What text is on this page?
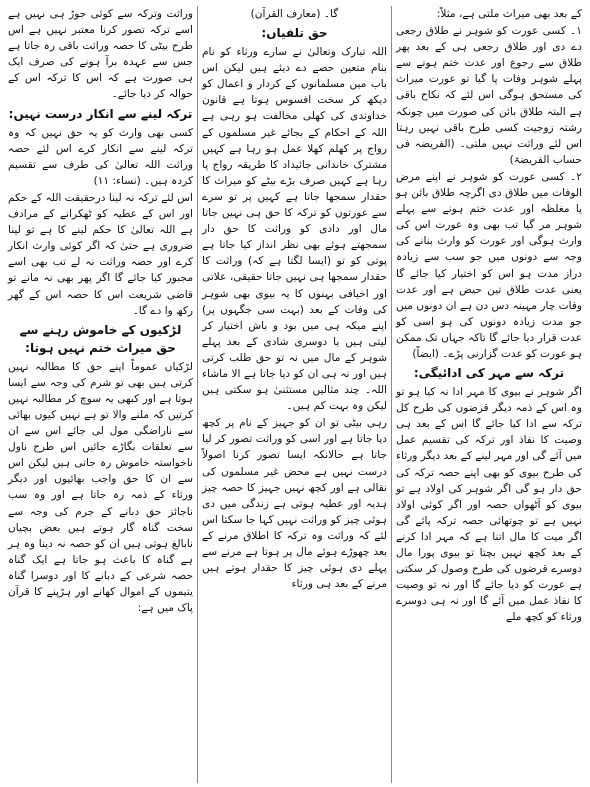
کے بعد بھی میراث ملتی ہے، مثلاً:

۱۔ کسی عورت کو شوہر نے طلاق رجعی دے دی اور طلاق رجعی ہی کے بعد پھر طلاق سے رجوع اور عدت ختم ہونے سے پہلے شوہر وفات پا گیا تو عورت میراث کی مستحق ہوگی اس لئے کہ نکاح باقی ہے البتہ طلاق بائن کی صورت میں چونکہ رشتہ زوجیت کسی طرح باقی نہیں رہتا اس لئے وراثت نہیں ملتی۔ (الفریضہ فی حساب الفریضۃ)

۲۔ کسی عورت کو شوہر نے اپنے مرض الوفات میں طلاق دی اگرچہ طلاق بائن ہو یا مغلظہ اور عدت ختم ہونے سے پہلے شوہر مر گیا تب بھی وہ عورت اس کی وارث ہوگی اور عورت کو وارث بنانے کی وجہ سے دونوں میں جو سب سے زیادہ دراز مدت ہو اس کو اختیار کیا جائے گا یعنی عدت طلاق تین حیض ہے اور عدت وفات چار مہینہ دس دن ہے ان دونوں میں جو مدت زیادہ دونوں کی ہو اسی کو عدت قرار دیا جائے گا تاکہ جہاں تک ممکن ہو عورت کو عدت گزارنی پڑے۔ (ایضاً)

ترکہ سے مہر کی ادائیگی:

اگر شوہر نے بیوی کا مہر ادا نہ کیا ہو تو وہ اس کے ذمہ دیگر قرضوں کی طرح کل ترکہ سے ادا کیا جائے گا اس کے بعد ہی وصیت کا نفاذ اور ترکہ کی تقسیم عمل میں آئے گی اور مہر لینے کے بعد دیگر ورثاء کی طرح بیوی کو بھی اپنے حصہ ترکہ کی حق دار ہو گی اگر شوہر کی اولاد ہے تو بیوی کو آٹھواں حصہ اور اگر کوئی اولاد نہیں ہے تو چوتھائی حصہ ترکہ پائے گی اگر میت کا مال اتنا ہے کہ مہر ادا کرنے کے بعد کچھ نہیں بچتا تو بیوی پورا مال دوسرے قرضوں کی طرح وصول کر سکتی ہے عورت کو دیا جائے گا اور نہ تو وصیت کا نفاذ عمل میں آئے گا اور نہ ہی دوسرے ورثاء کو کچھ ملے

گا۔ (معارف القرآن)

حق تلفیاں:

اللہ تبارک وتعالیٰ نے سارے ورثاء کو نام بنام متعین حصے دے دیئے ہیں لیکن اس باب میں مسلمانوں کے کردار و اعمال کو دیکھ کر سخت افسوس ہوتا ہے قانون خداوندی کی کھلی مخالفت ہو رہی ہے اللہ کے احکام کے بجائے غیر مسلموں کے رواج پر کھلم کھلا عمل ہو رہا ہے کہیں مشترک خاندانی جائیداد کا طریقہ رواج پا رہا ہے کہیں صرف بڑے بیٹے کو میراث کا حقدار سمجھا جاتا ہے کہیں پر تو سرے سے عورتوں کو ترکہ کا حق ہی نہیں جاتا مال اور دادی کو وراثت کا حق دار سمجھتے ہوئے بھی نظر انداز کیا جاتا ہے پوتی کو تو (ایسا لگتا ہے کہ) وراثت کا حقدار سمجھا ہی نہیں جاتا حقیقی، علاتی اور اخیافی بہنوں کا یہ بیوی بھی شوہر کی وفات کے بعد (بہت سی جگہوں پر) اپنے میکہ ہی میں بود و باش اختیار کر لیتی ہیں یا دوسری شادی کے بعد پہلے شوہر کے مال میں نہ تو حق طلب کرتی ہیں اور نہ ہی ان کو دیا جاتا ہے الا ماشاء اللہ۔ چند مثالیں مستثنیٰ ہو سکتی ہیں لیکن وہ بہت کم ہیں۔

رہی بیٹی تو ان کو جہیز کے نام پر کچھ دیا جاتا ہے اور اسی کو وراثت تصور کر لیا جاتا ہے حالانکہ ایسا تصور کرنا اصولاً درست نہیں ہے محض غیر مسلموں کی نقالی ہے اور کچھ نہیں جہیز کا حصہ چیز ہدیہ اور عطیہ ہوتی ہے زندگی میں دی ہوئی چیز کو وراثت نہیں کہا جا سکتا اس لئے کہ وراثت وہ ترکہ کا اطلاق مرنے کے بعد چھوڑے ہوئے مال پر ہوتا ہے مرنے سے پہلے دی ہوئی چیز کا حقدار ہوتے ہیں مرنے کے بعد ہی ورثاء

وراثت وترکہ سے کوئی جوڑ ہی نہیں ہے اسے ترکہ تصور کرنا معتبر نہیں ہے اس طرح بیٹی کا حصہ وراثت باقی رہ جاتا ہے جس سے عہدہ برآ ہونے کی صرف ایک ہی صورت ہے کہ اس کا ترکہ اس کے حوالہ کر دیا جائے۔

ترکہ لینے سے انکار درست نہیں:

کسی بھی وارث کو یہ حق نہیں کہ وہ ترکہ لینے سے انکار کرے اس لئے حصہ وراثت اللہ تعالیٰ کی طرف سے تقسیم کردہ ہیں۔ (نساء: ۱۱)

اس لئے ترکہ نہ لینا درحقیقت اللہ کے حکم اور اس کے عطیہ کو ٹھکرانے کے مرادف ہے اللہ تعالیٰ کا حکم لینے کا ہے تو لینا ضروری ہے حتیٰ کہ اگر کوئی وارث انکار کرے اور حصہ وراثت نہ لے تب بھی اسے مجبور کیا جائے گا اگر پھر بھی نہ مانے تو قاضی شریعت اس کا حصہ اس کے گھر رکھ وا دے گا۔

لڑکیوں کے خاموش رہنے سے حق میراث ختم نہیں ہوتا:

لڑکیاں عموماً اپنے حق کا مطالبہ نہیں کرتی ہیں بھی تو شرم کی وجہ سے ایسا ہوتا ہے اور کبھی یہ سوچ کر مطالبہ نہیں کرتیں کہ ملنے والا تو ہے نہیں کیوں بھائی سے ناراضگی مول لی جائے اس سے ان سے تعلقات بگاڑے جائیں اس طرح ناول ناخواستہ خاموش رہ جاتی ہیں لیکن اس سے ان کا حق واجب بھائیوں اور دیگر ورثاء کے ذمہ رہ جاتا ہے اور وہ سب ناجائز حق دبانے کے جرم کی وجہ سے سخت گناہ گار ہوتے ہیں بعض بچیاں نابالغ ہوتی ہیں ان کو حصہ نہ دینا وہ ہر ہے گناہ کا باعث ہو جاتا ہے ایک گناہ حصہ شرعی کے دبانے کا اور دوسرا گناہ یتیموں کے اموال کھانے اور ہڑپنے کا قرآن پاک میں ہے:
